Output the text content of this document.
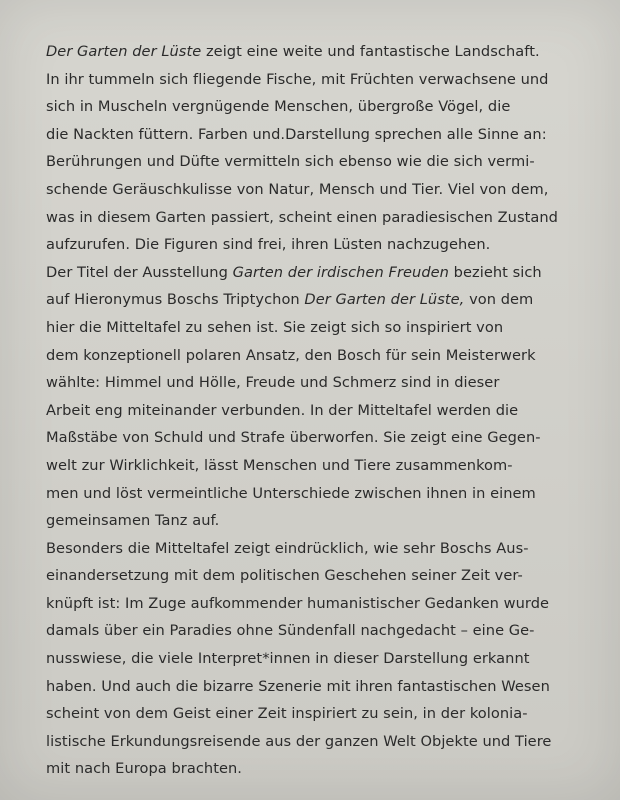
Der Garten der Lüste zeigt eine weite und fantastische Landschaft.
In ihr tummeln sich fliegende Fische, mit Früchten verwachsene und
sich in Muscheln vergnügende Menschen, übergroße Vögel, die
die Nackten füttern. Farben und.Darstellung sprechen alle Sinne an:
Berührungen und Düfte vermitteln sich ebenso wie die sich vermi-
schende Geräuschkulisse von Natur, Mensch und Tier. Viel von dem,
was in diesem Garten passiert, scheint einen paradiesischen Zustand
aufzurufen. Die Figuren sind frei, ihren Lüsten nachzugehen.
Der Titel der Ausstellung Garten der irdischen Freuden bezieht sich
auf Hieronymus Boschs Triptychon Der Garten der Lüste, von dem
hier die Mitteltafel zu sehen ist. Sie zeigt sich so inspiriert von
dem konzeptionell polaren Ansatz, den Bosch für sein Meisterwerk
wählte: Himmel und Hölle, Freude und Schmerz sind in dieser
Arbeit eng miteinander verbunden. In der Mitteltafel werden die
Maßstäbe von Schuld und Strafe überworfen. Sie zeigt eine Gegen-
welt zur Wirklichkeit, lässt Menschen und Tiere zusammenkom-
men und löst vermeintliche Unterschiede zwischen ihnen in einem
gemeinsamen Tanz auf.
Besonders die Mitteltafel zeigt eindrücklich, wie sehr Boschs Aus-
einandersetzung mit dem politischen Geschehen seiner Zeit ver-
knüpft ist: Im Zuge aufkommender humanistischer Gedanken wurde
damals über ein Paradies ohne Sündenfall nachgedacht – eine Ge-
nusswiese, die viele Interpret*innen in dieser Darstellung erkannt
haben. Und auch die bizarre Szenerie mit ihren fantastischen Wesen
scheint von dem Geist einer Zeit inspiriert zu sein, in der kolonia-
listische Erkundungsreisende aus der ganzen Welt Objekte und Tiere
mit nach Europa brachten.
